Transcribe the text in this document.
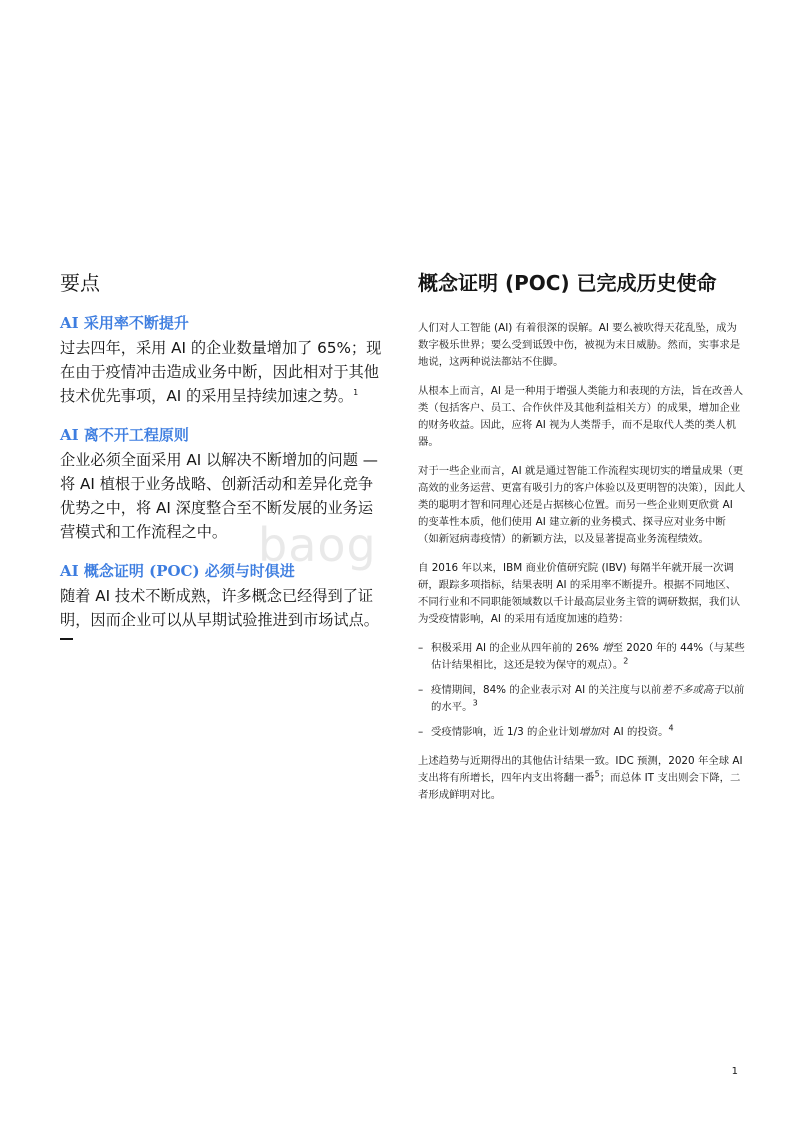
要点
AI 采用率不断提升

过去四年，采用 AI 的企业数量增加了 65%；现在由于疫情冲击造成业务中断，因此相对于其他技术优先事项，AI 的采用呈持续加速之势。$^1$

AI 离不开工程原则

企业必须全面采用 AI 以解决不断增加的问题 — 将 AI 植根于业务战略、创新活动和差异化竞争优势之中，将 AI 深度整合至不断发展的业务运营模式和工作流程之中。

AI 概念证明 (POC) 必须与时俱进

随着 AI 技术不断成熟，许多概念已经得到了证明，因而企业可以从早期试验推进到市场试点。

概念证明 (POC) 已完成历史使命

人们对人工智能 (AI) 有着很深的误解。AI 要么被吹得天花乱坠，成为数字极乐世界；要么受到诋毁中伤，被视为末日威胁。然而，实事求是地说，这两种说法都站不住脚。

从根本上而言，AI 是一种用于增强人类能力和表现的方法，旨在改善人类（包括客户、员工、合作伙伴及其他利益相关方）的成果，增加企业的财务收益。因此，应将 AI 视为人类帮手，而不是取代人类的类人机器。

对于一些企业而言，AI 就是通过智能工作流程实现切实的增量成果（更高效的业务运营、更富有吸引力的客户体验以及更明智的决策），因此人类的聪明才智和同理心还是占据核心位置。而另一些企业则更欣赏 AI 的变革性本质，他们使用 AI 建立新的业务模式、探寻应对业务中断（如新冠病毒疫情）的新颖方法，以及显著提高业务流程绩效。

自 2016 年以来，IBM 商业价值研究院 (IBV) 每隔半年就开展一次调研，跟踪多项指标，结果表明 AI 的采用率不断提升。根据不同地区、不同行业和不同职能领域数以千计最高层业务主管的调研数据，我们认为受疫情影响，AI 的采用有适度加速的趋势：

– 积极采用 AI 的企业从四年前的 26% 增至 2020 年的 44%（与某些估计结果相比，这还是较为保守的观点）。$^2$
– 疫情期间，84% 的企业表示对 AI 的关注度与以前差不多或高于以前的水平。$^3$
– 受疫情影响，近 1/3 的企业计划增加对 AI 的投资。$^4$

上述趋势与近期得出的其他估计结果一致。IDC 预测，2020 年全球 AI 支出将有所增长，四年内支出将翻一番$^5$；而总体 IT 支出则会下降，二者形成鲜明对比。

baog
1
